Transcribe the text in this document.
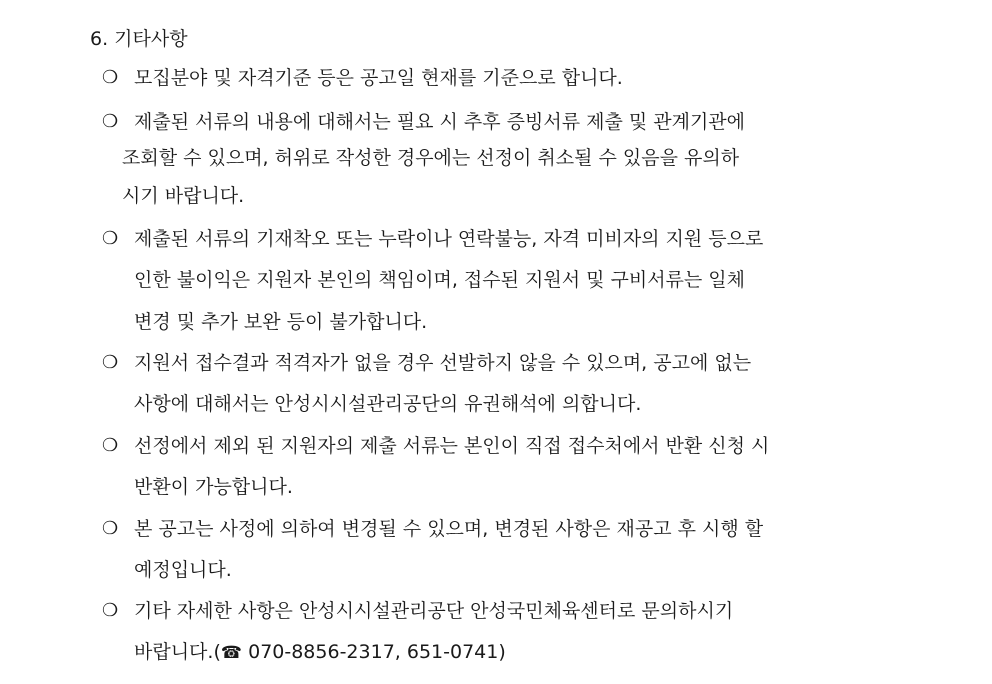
6. 기타사항
❍ 모집분야 및 자격기준 등은 공고일 현재를 기준으로 합니다.
❍ 제출된 서류의 내용에 대해서는 필요 시 추후 증빙서류 제출 및 관계기관에
조회할 수 있으며, 허위로 작성한 경우에는 선정이 취소될 수 있음을 유의하
시기 바랍니다.
❍ 제출된 서류의 기재착오 또는 누락이나 연락불능, 자격 미비자의 지원 등으로
인한 불이익은 지원자 본인의 책임이며, 접수된 지원서 및 구비서류는 일체
변경 및 추가 보완 등이 불가합니다.
❍ 지원서 접수결과 적격자가 없을 경우 선발하지 않을 수 있으며, 공고에 없는
사항에 대해서는 안성시시설관리공단의 유권해석에 의합니다.
❍ 선정에서 제외 된 지원자의 제출 서류는 본인이 직접 접수처에서 반환 신청 시
반환이 가능합니다.
❍ 본 공고는 사정에 의하여 변경될 수 있으며, 변경된 사항은 재공고 후 시행 할
예정입니다.
❍ 기타 자세한 사항은 안성시시설관리공단 안성국민체육센터로 문의하시기
바랍니다.(☎ 070-8856-2317, 651-0741)
